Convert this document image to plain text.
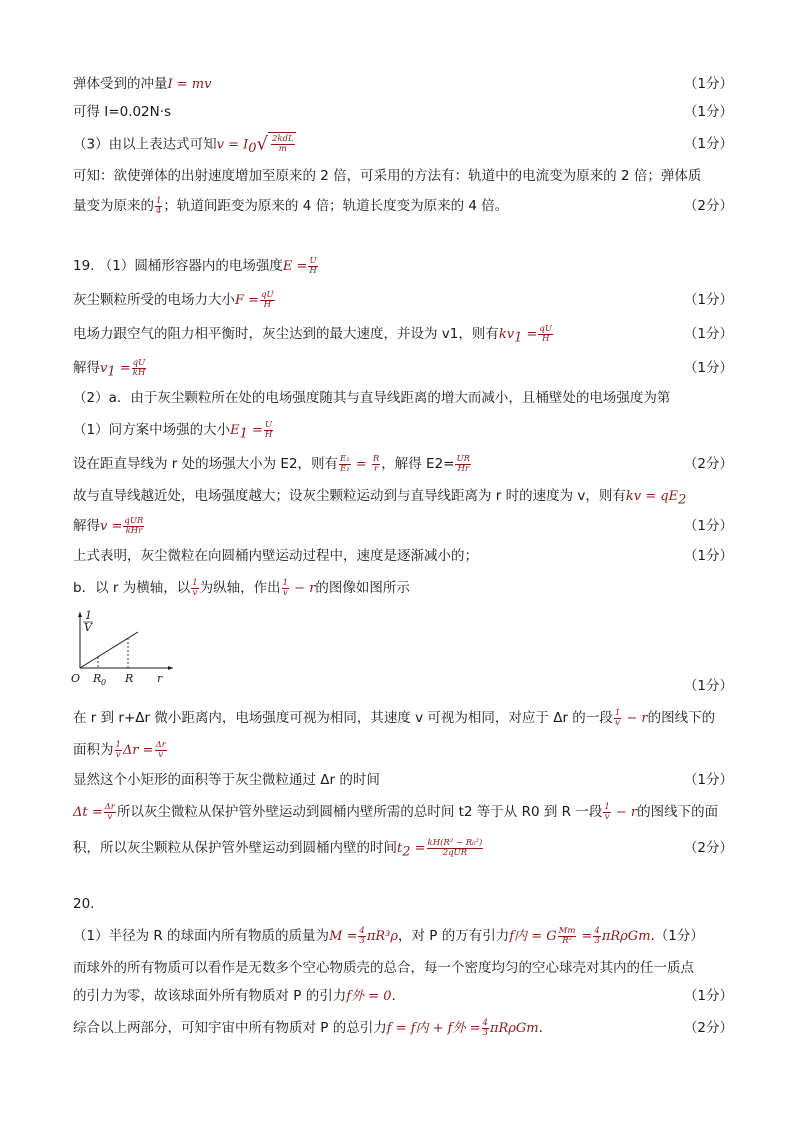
弹体受到的冲量I = mv	（1分）
可得 I=0.02N·s	（1分）
（3）由以上表达式可知$v = I_0√ \frac{\text{2kdL}}{m}$	（1分）
可知：欲使弹体的出射速度增加至原来的 2 倍，可采用的方法有：轨道中的电流变为原来的 2 倍；弹体质
量变为原来的 $\frac{1}{4}$ ；轨道间距变为原来的 4 倍；轨道长度变为原来的 4 倍。	（2分）
19. （1）圆桶形容器内的电场强度$E = \frac{U}{H}$
灰尘颗粒所受的电场力大小$F = \frac{qU}{H}$	（1分）
电场力跟空气的阻力相平衡时，灰尘达到的最大速度，并设为 v1，则有$kv_1 = \frac{qU}{H}$	（1分）
解得$v_1 = \frac{qU}{kH}$	（1分）
（2）a．由于灰尘颗粒所在处的电场强度随其与直导线距离的增大而减小，且桶壁处的电场强度为第
（1）问方案中场强的大小$E_1 = \frac{U}{H}$
设在距直导线为 r 处的场强大小为 E2，则有 $\frac{\text{E₂}}{\text{E₁}} = \frac{R}{r}$ ，解得 $E2= \frac{UR}{Hr}$	（2分）
故与直导线越近处，电场强度越大；设灰尘颗粒运动到与直导线距离为 r 时的速度为 v，则有kv = $qE_2$
解得$v = \frac{\text{qUR}}{\text{kHr}}$	（1分）
上式表明，灰尘微粒在向圆桶内壁运动过程中，速度是逐渐减小的；	（1分）
b．以 r 为横轴，以 $\frac{1}{v}$ 为纵轴，作出 $\frac{1}{v} - r$的图像如图所示
1
V
O R 0 R r	（1分）
在 r 到 r+Δr 微小距离内，电场强度可视为相同，其速度 v 可视为相同，对应于 Δr 的一段 $\frac{1}{v} - r$的图线下的
面积为 $\frac{1}{v}$ $\Delta r = \frac{\Delta r}{v}$
显然这个小矩形的面积等于灰尘微粒通过 Δr 的时间	（1分）
$\Delta t = \frac{\Delta r}{v}$ 所以灰尘微粒从保护管外壁运动到圆桶内壁所需的总时间 t2 等于从 R0 到 R 一段 $\frac{1}{v} - r$的图线下的面
积，所以灰尘颗粒从保护管外壁运动到圆桶内壁的时间$t_2 = \frac{\text{kH(R² − R₀²)}}{\text{2qUR}}$	（2分）
20.
（1）半径为 R 的球面内所有物质的质量为$M = \frac{4}{3} \pi R^3\rho$，对 P 的万有引力f内 = G $\frac{Mm}{\text{R²}} = \frac{4}{3} \pi R\rho Gm.(1$分）
而球外的所有物质可以看作是无数多个空心物质壳的总合，每一个密度均匀的空心球壳对其内的任一质点
的引力为零，故该球面外所有物质对 P 的引力f外 = 0.	（1分）
综合以上两部分，可知宇宙中所有物质对 P 的总引力f = f内 + f外 = $\frac{4}{3} \pi R\rho Gm$.	（2分）
